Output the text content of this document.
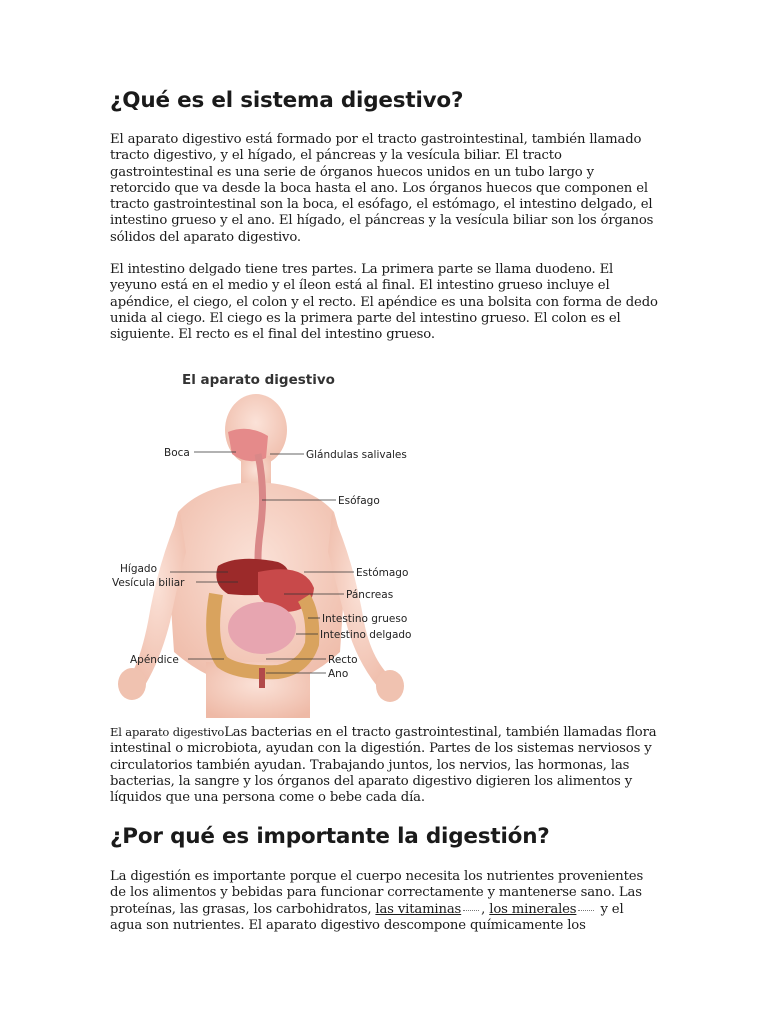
¿Qué es el sistema digestivo?

El aparato digestivo está formado por el tracto gastrointestinal, también llamado tracto digestivo, y el hígado, el páncreas y la vesícula biliar. El tracto gastrointestinal es una serie de órganos huecos unidos en un tubo largo y retorcido que va desde la boca hasta el ano. Los órganos huecos que componen el tracto gastrointestinal son la boca, el esófago, el estómago, el intestino delgado, el intestino grueso y el ano. El hígado, el páncreas y la vesícula biliar son los órganos sólidos del aparato digestivo.

El intestino delgado tiene tres partes. La primera parte se llama duodeno. El yeyuno está en el medio y el íleon está al final. El intestino grueso incluye el apéndice, el ciego, el colon y el recto. El apéndice es una bolsita con forma de dedo unida al ciego. El ciego es la primera parte del intestino grueso. El colon es el siguiente. El recto es el final del intestino grueso.

El aparato digestivo
Boca	Glándulas salivales
Esófago
Hígado
Vesícula biliar
Estómago
Páncreas
Intestino grueso
Intestino delgado
Apéndice	Recto
Ano

El aparato digestivoLas bacterias en el tracto gastrointestinal, también llamadas flora intestinal o microbiota, ayudan con la digestión. Partes de los sistemas nerviosos y circulatorios también ayudan. Trabajando juntos, los nervios, las hormonas, las bacterias, la sangre y los órganos del aparato digestivo digieren los alimentos y líquidos que una persona come o bebe cada día.

¿Por qué es importante la digestión?

La digestión es importante porque el cuerpo necesita los nutrientes provenientes de los alimentos y bebidas para funcionar correctamente y mantenerse sano. Las proteínas, las grasas, los carbohidratos, las vitaminas , los minerales y el agua son nutrientes. El aparato digestivo descompone químicamente los
